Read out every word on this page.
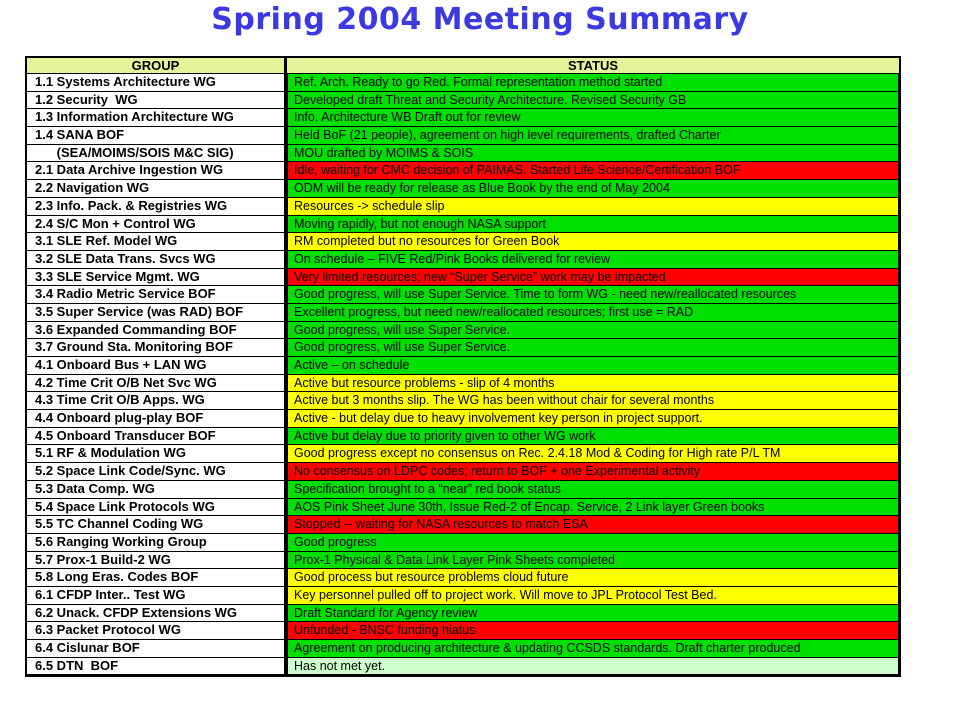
Spring 2004 Meeting Summary
GROUP	STATUS
1.1 Systems Architecture WG	Ref. Arch. Ready to go Red. Formal representation method started
1.2 Security  WG	Developed draft Threat and Security Architecture. Revised Security GB
1.3 Information Architecture WG	Info. Architecture WB Draft out for review
1.4 SANA BOF	Held BoF (21 people), agreement on high level requirements, drafted Charter
(SEA/MOIMS/SOIS M&C SIG)	MOU drafted by MOIMS & SOIS
2.1 Data Archive Ingestion WG	Idle, waiting for CMC decision of PAIMAS. Started Life Science/Certification BOF
2.2 Navigation WG	ODM will be ready for release as Blue Book by the end of May 2004
2.3 Info. Pack. & Registries WG	Resources -> schedule slip
2.4 S/C Mon + Control WG	Moving rapidly, but not enough NASA support
3.1 SLE Ref. Model WG	RM completed but no resources for Green Book
3.2 SLE Data Trans. Svcs WG	On schedule – FIVE Red/Pink Books delivered for review
3.3 SLE Service Mgmt. WG	Very limited resources; new “Super Service” work may be impacted
3.4 Radio Metric Service BOF	Good progress, will use Super Service. Time to form WG - need new/reallocated resources
3.5 Super Service (was RAD) BOF	Excellent progress, but need new/reallocated resources; first use = RAD
3.6 Expanded Commanding BOF	Good progress, will use Super Service.
3.7 Ground Sta. Monitoring BOF	Good progress, will use Super Service.
4.1 Onboard Bus + LAN WG	Active – on schedule
4.2 Time Crit O/B Net Svc WG	Active but resource problems - slip of 4 months
4.3 Time Crit O/B Apps. WG	Active but 3 months slip. The WG has been without chair for several months
4.4 Onboard plug-play BOF	Active - but delay due to heavy involvement key person in project support.
4.5 Onboard Transducer BOF	Active but delay due to priority given to other WG work
5.1 RF & Modulation WG	Good progress except no consensus on Rec. 2.4.18 Mod & Coding for High rate P/L TM
5.2 Space Link Code/Sync. WG	No consensus on LDPC codes; return to BOF + one Experimental activity
5.3 Data Comp. WG	Specification brought to a “near” red book status
5.4 Space Link Protocols WG	AOS Pink Sheet June 30th, Issue Red-2 of Encap. Service, 2 Link layer Green books
5.5 TC Channel Coding WG	Stopped -- waiting for NASA resources to match ESA
5.6 Ranging Working Group	Good progress
5.7 Prox-1 Build-2 WG	Prox-1 Physical & Data Link Layer Pink Sheets completed
5.8 Long Eras. Codes BOF	Good process but resource problems cloud future
6.1 CFDP Inter.. Test WG	Key personnel pulled off to project work. Will move to JPL Protocol Test Bed.
6.2 Unack. CFDP Extensions WG	Draft Standard for Agency review
6.3 Packet Protocol WG	Unfunded - BNSC funding hiatus
6.4 Cislunar BOF	Agreement on producing architecture & updating CCSDS standards. Draft charter produced
6.5 DTN  BOF	Has not met yet.
